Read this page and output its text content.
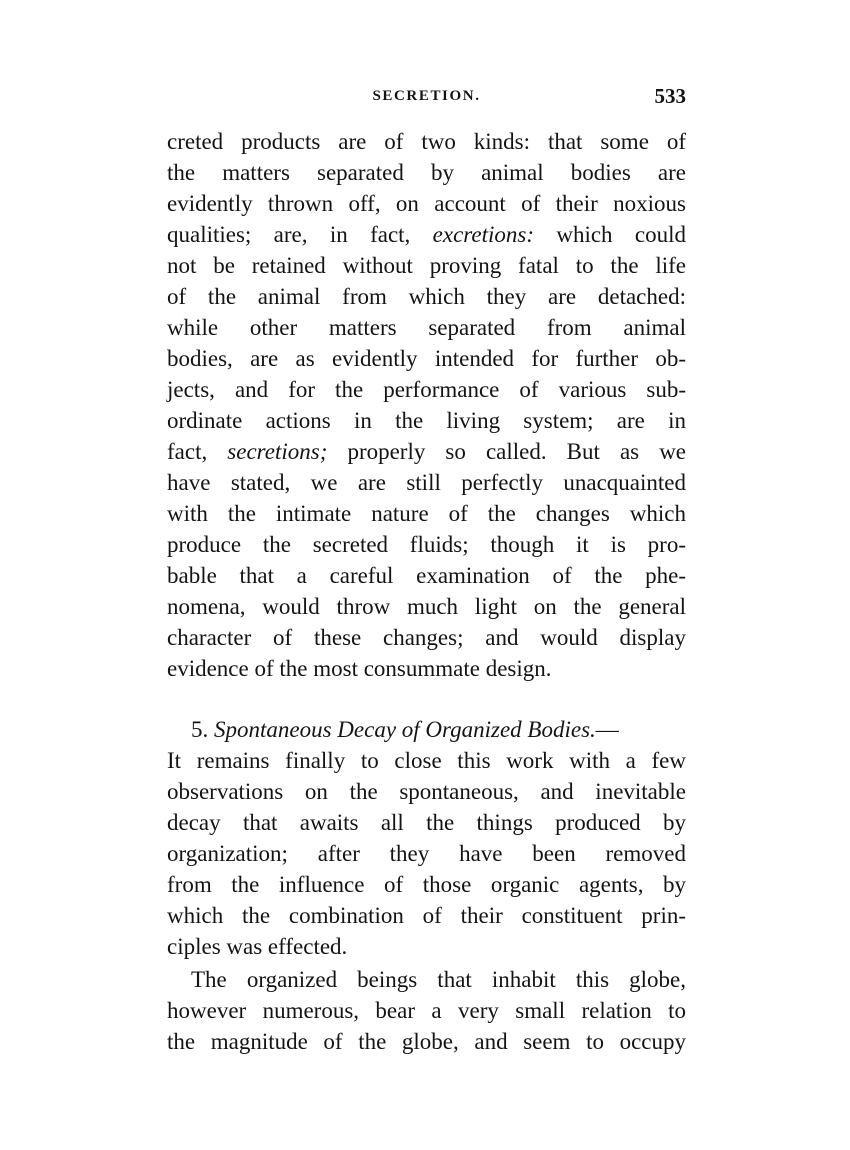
SECRETION.	533
creted products are of two kinds: that some of
the matters separated by animal bodies are
evidently thrown off, on account of their noxious
qualities; are, in fact, excretions: which could
not be retained without proving fatal to the life
of the animal from which they are detached:
while other matters separated from animal
bodies, are as evidently intended for further ob-
jects, and for the performance of various sub-
ordinate actions in the living system; are in
fact, secretions; properly so called. But as we
have stated, we are still perfectly unacquainted
with the intimate nature of the changes which
produce the secreted fluids; though it is pro-
bable that a careful examination of the phe-
nomena, would throw much light on the general
character of these changes; and would display
evidence of the most consummate design.
5. Spontaneous Decay of Organized Bodies.—
It remains finally to close this work with a few
observations on the spontaneous, and inevitable
decay that awaits all the things produced by
organization; after they have been removed
from the influence of those organic agents, by
which the combination of their constituent prin-
ciples was effected.
The organized beings that inhabit this globe,
however numerous, bear a very small relation to
the magnitude of the globe, and seem to occupy
